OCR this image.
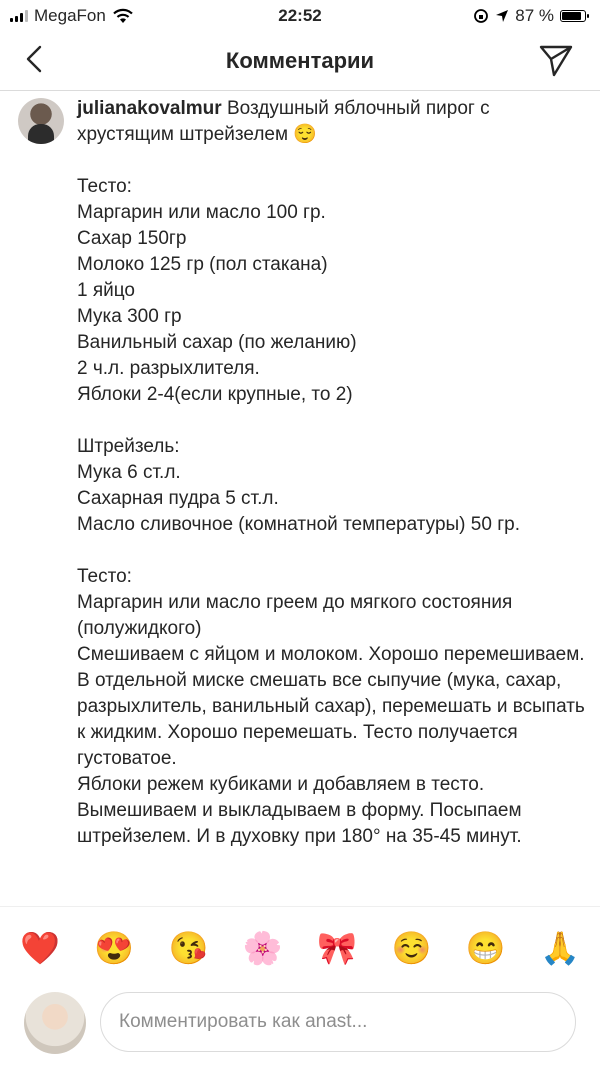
MegaFon	22:52	87 %
Комментарии
julianakovalmur Воздушный яблочный пирог с хрустящим штрейзелем 😌

Тесто:
Маргарин или масло 100 гр.
Сахар 150гр
Молоко 125 гр (пол стакана)
1 яйцо
Мука 300 гр
Ванильный сахар (по желанию)
2 ч.л. разрыхлителя.
Яблоки 2-4(если крупные, то 2)

Штрейзель:
Мука 6 ст.л.
Сахарная пудра 5 ст.л.
Масло сливочное (комнатной температуры) 50 гр.

Тесто:
Маргарин или масло греем до мягкого состояния (полужидкого)
Смешиваем с яйцом и молоком. Хорошо перемешиваем.
В отдельной миске смешать все сыпучие (мука, сахар, разрыхлитель, ванильный сахар), перемешать и всыпать к жидким. Хорошо перемешать. Тесто получается густоватое.
Яблоки режем кубиками и добавляем в тесто. Вымешиваем и выкладываем в форму. Посыпаем штрейзелем. И в духовку при 180° на 35-45 минут.
❤️ 😍 😘 🌸 🎀 ☺️ 😁 🙏
Комментировать как anast...
